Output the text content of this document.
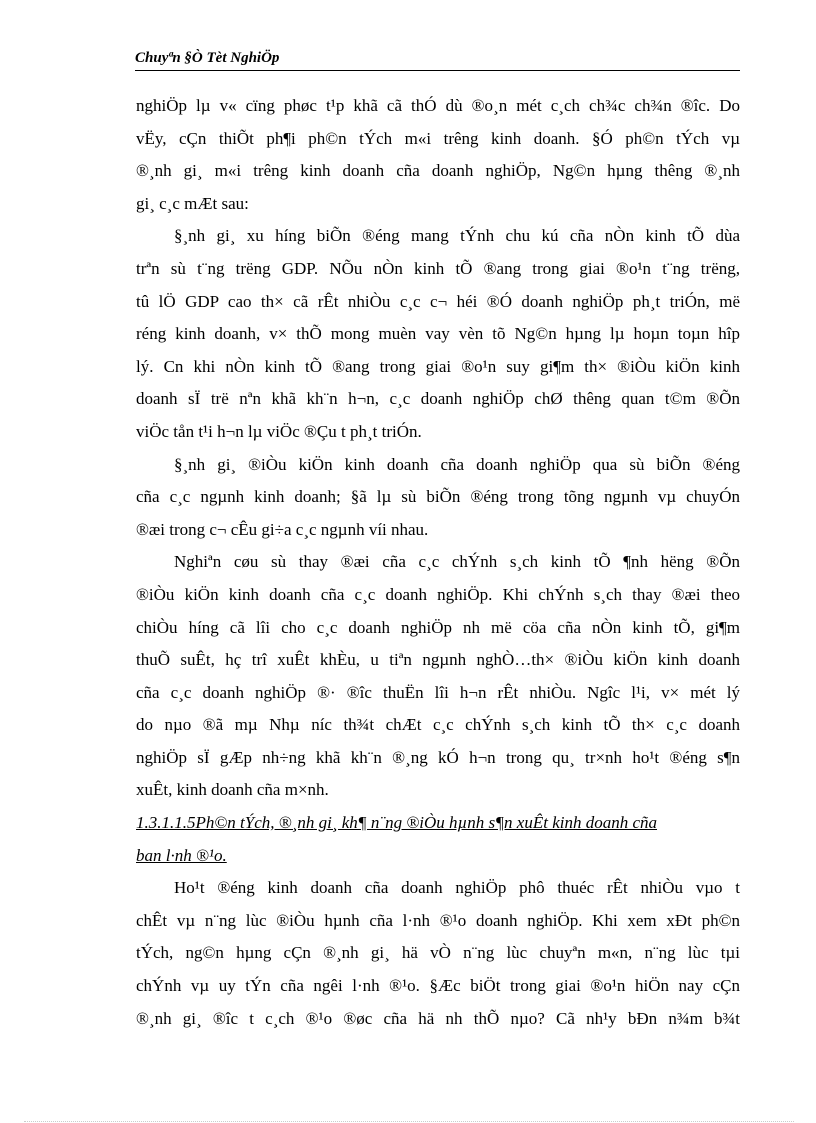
Chuyªn §Ò Tèt NghiÖp
nghiÖp lµ v« cïng phøc t¹p khã cã thÓ dù ®o¸n mét c¸ch ch¾c ch¾n ®îc. Do
vËy, cÇn thiÕt ph¶i ph©n tÝch m«i trêng kinh doanh. §Ó ph©n tÝch vµ
®¸nh gi¸ m«i trêng kinh doanh cña doanh nghiÖp, Ng©n hµng thêng ®¸nh
gi¸ c¸c mÆt sau:
§¸nh gi¸ xu híng biÕn ®éng mang tÝnh chu kú cña nÒn kinh tÕ dùa
trªn sù t¨ng trëng GDP. NÕu nÒn kinh tÕ ®ang trong giai ®o¹n t¨ng trëng,
tû lÖ GDP cao th× cã rÊt nhiÒu c¸c c¬ héi ®Ó doanh nghiÖp ph¸t triÓn, më
réng kinh doanh, v× thÕ mong muèn vay vèn tõ Ng©n hµng lµ hoµn toµn hîp
lý. Cn khi nÒn kinh tÕ ®ang trong giai ®o¹n suy gi¶m th× ®iÒu kiÖn kinh
doanh sÏ trë nªn khã kh¨n h¬n, c¸c doanh nghiÖp chØ thêng quan t©m ®Õn
viÖc tån t¹i h¬n lµ viÖc ®Çu t ph¸t triÓn.
§¸nh gi¸ ®iÒu kiÖn kinh doanh cña doanh nghiÖp qua sù biÕn ®éng
cña c¸c ngµnh kinh doanh; §ã lµ sù biÕn ®éng trong tõng ngµnh vµ chuyÓn
®æi trong c¬ cÊu gi÷a c¸c ngµnh víi nhau.
Nghiªn cøu sù thay ®æi cña c¸c chÝnh s¸ch kinh tÕ ¶nh hëng ®Õn
®iÒu kiÖn kinh doanh cña c¸c doanh nghiÖp. Khi chÝnh s¸ch thay ®æi theo
chiÒu híng cã lîi cho c¸c doanh nghiÖp nh më cöa cña nÒn kinh tÕ, gi¶m
thuÕ suÊt, hç trî xuÊt khÈu, u tiªn ngµnh nghÒ…th× ®iÒu kiÖn kinh doanh
cña c¸c doanh nghiÖp ®· ®îc thuËn lîi h¬n rÊt nhiÒu. Ngîc l¹i, v× mét lý
do nµo ®ã mµ Nhµ níc th¾t chÆt c¸c chÝnh s¸ch kinh tÕ th× c¸c doanh
nghiÖp sÏ gÆp nh÷ng khã kh¨n ®¸ng kÓ h¬n trong qu¸ tr×nh ho¹t ®éng s¶n
xuÊt, kinh doanh cña m×nh.
1.3.1.1.5Ph©n tÝch, ®¸nh gi¸ kh¶ n¨ng ®iÒu hµnh s¶n xuÊt kinh doanh cña
ban l·nh ®¹o.
Ho¹t ®éng kinh doanh cña doanh nghiÖp phô thuéc rÊt nhiÒu vµo t
chÊt vµ n¨ng lùc ®iÒu hµnh cña l·nh ®¹o doanh nghiÖp. Khi xem xÐt ph©n
tÝch, ng©n hµng cÇn ®¸nh gi¸ hä vÒ n¨ng lùc chuyªn m«n, n¨ng lùc tµi
chÝnh vµ uy tÝn cña ngêi l·nh ®¹o. §Æc biÖt trong giai ®o¹n hiÖn nay cÇn
®¸nh gi¸ ®îc t c¸ch ®¹o ®øc cña hä nh thÕ nµo? Cã nh¹y bÐn n¾m b¾t
